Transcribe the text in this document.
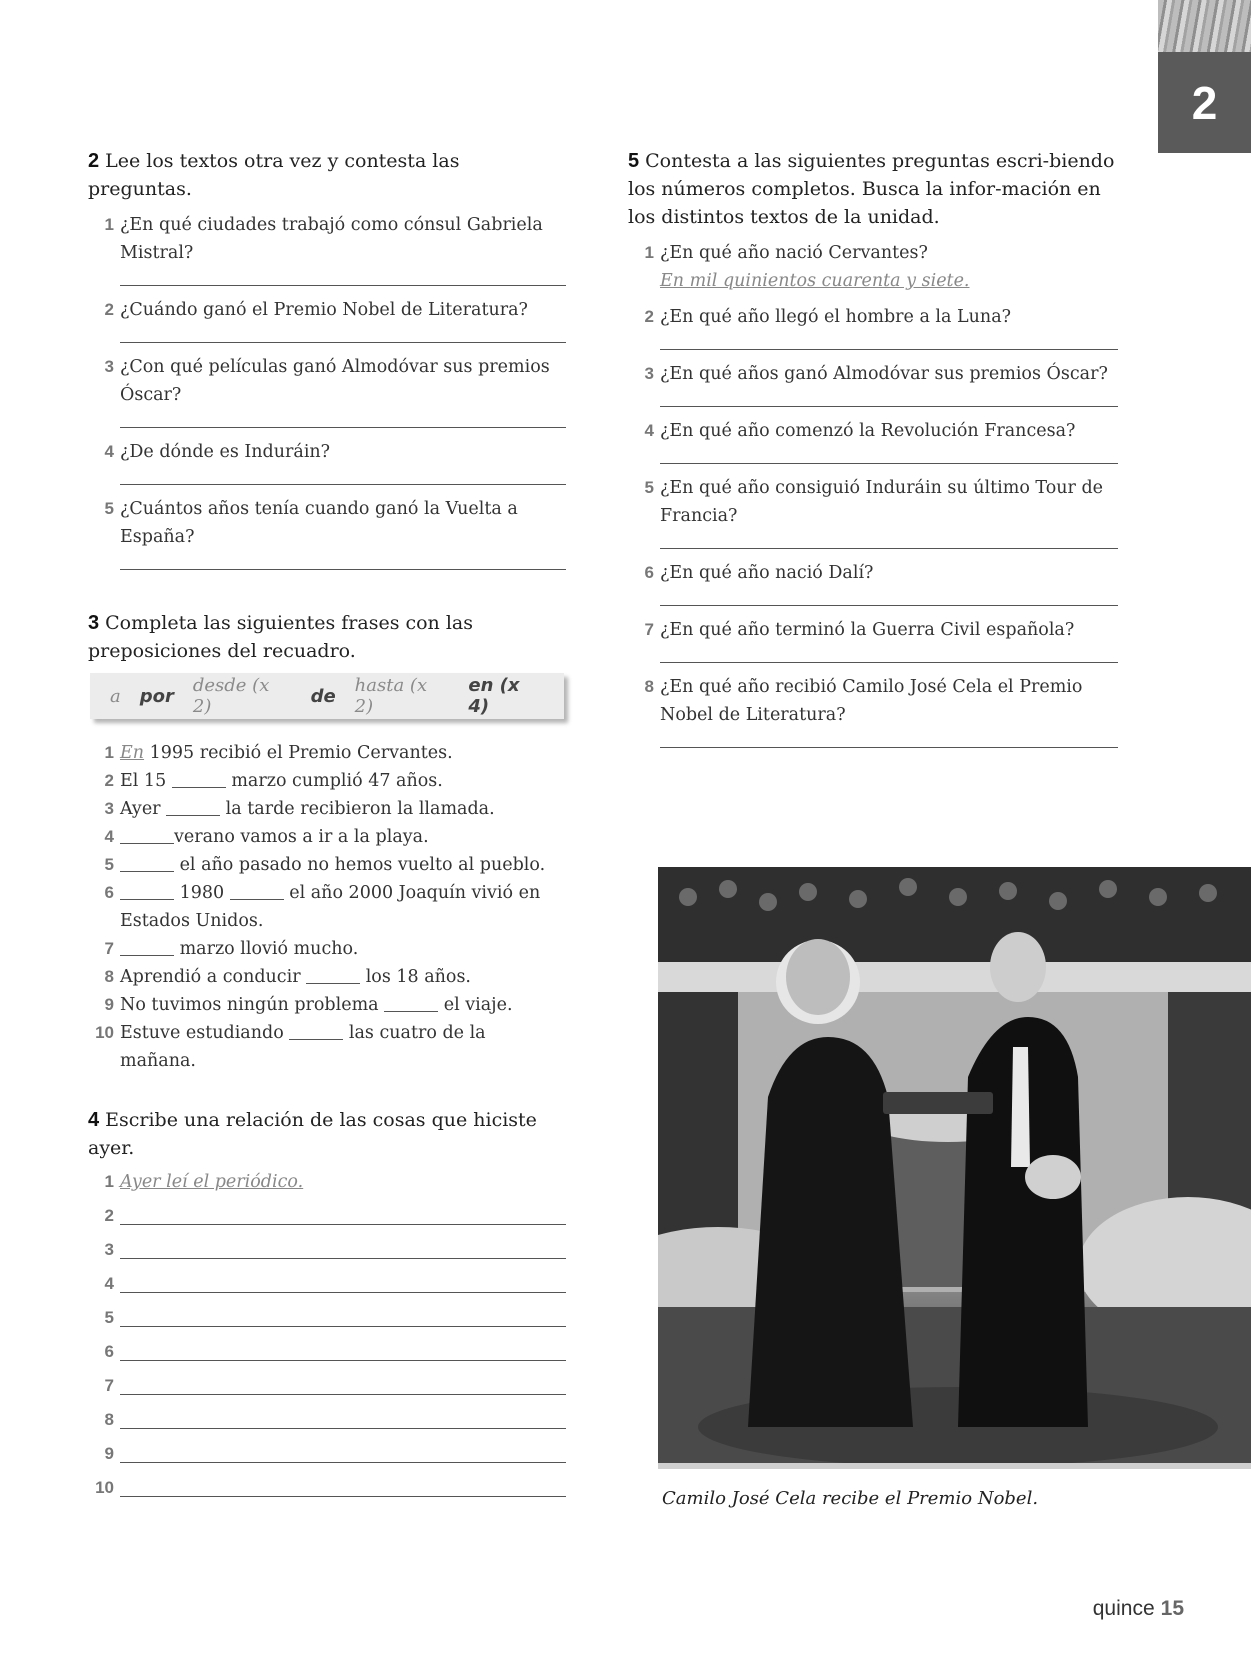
2
2 Lee los textos otra vez y contesta las preguntas.
1 ¿En qué ciudades trabajó como cónsul Gabriela Mistral?
2 ¿Cuándo ganó el Premio Nobel de Literatura?
3 ¿Con qué películas ganó Almodóvar sus premios Óscar?
4 ¿De dónde es Induráin?
5 ¿Cuántos años tenía cuando ganó la Vuelta a España?
3 Completa las siguientes frases con las preposiciones del recuadro.
a por desde (x 2)	de hasta (x 2)
en (x 4)
1 En 1995 recibió el Premio Cervantes.
2 El 15	marzo cumplió 47 años.
3 Ayer	la tarde recibieron la llamada.
4	verano vamos a ir a la playa.
5	el año pasado no hemos vuelto al pueblo.
6	1980	el año 2000 Joaquín vivió en Estados Unidos.
7	marzo llovió mucho.
8 Aprendió a conducir	los 18 años.
9 No tuvimos ningún problema	el viaje.
10 Estuve estudiando	las cuatro de la mañana.
4 Escribe una relación de las cosas que hiciste ayer.
1 Ayer leí el periódico.
2
3
4
5
6
7
8
9
10
5 Contesta a las siguientes preguntas escri-biendo los números completos. Busca la infor-mación en los distintos textos de la unidad.
1 ¿En qué año nació Cervantes?
En mil quinientos cuarenta y siete.
2 ¿En qué año llegó el hombre a la Luna?
3 ¿En qué años ganó Almodóvar sus premios Óscar?
4 ¿En qué año comenzó la Revolución Francesa?
5 ¿En qué año consiguió Induráin su último Tour de Francia?
6 ¿En qué año nació Dalí?
7 ¿En qué año terminó la Guerra Civil española?
8 ¿En qué año recibió Camilo José Cela el Premio Nobel de Literatura?
Camilo José Cela recibe el Premio Nobel.
quince 15
